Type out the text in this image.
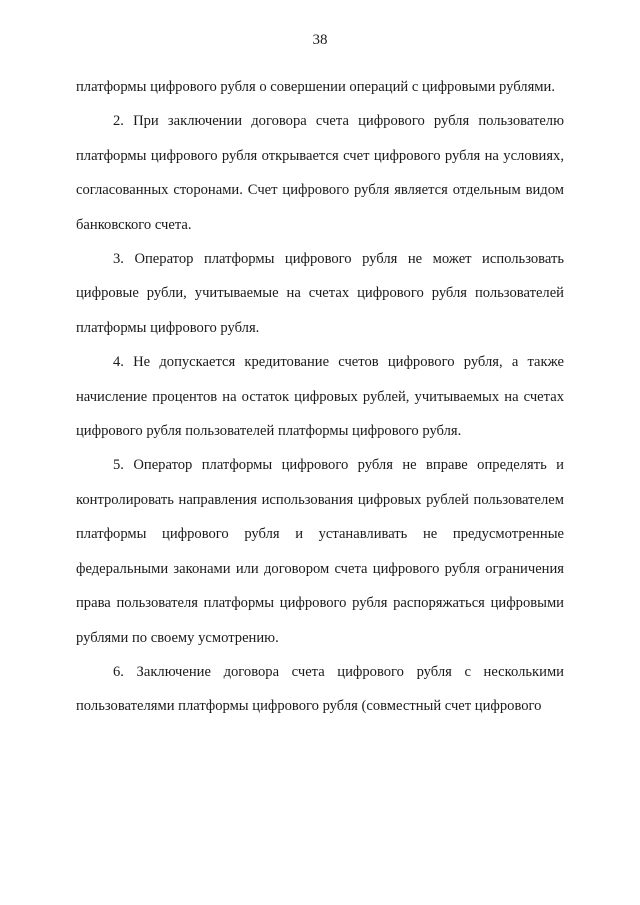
38

платформы цифрового рубля о совершении операций с цифровыми рублями.

2. При заключении договора счета цифрового рубля пользователю платформы цифрового рубля открывается счет цифрового рубля на условиях, согласованных сторонами. Счет цифрового рубля является отдельным видом банковского счета.

3. Оператор платформы цифрового рубля не может использовать цифровые рубли, учитываемые на счетах цифрового рубля пользователей платформы цифрового рубля.

4. Не допускается кредитование счетов цифрового рубля, а также начисление процентов на остаток цифровых рублей, учитываемых на счетах цифрового рубля пользователей платформы цифрового рубля.

5. Оператор платформы цифрового рубля не вправе определять и контролировать направления использования цифровых рублей пользователем платформы цифрового рубля и устанавливать не предусмотренные федеральными законами или договором счета цифрового рубля ограничения права пользователя платформы цифрового рубля распоряжаться цифровыми рублями по своему усмотрению.

6. Заключение договора счета цифрового рубля с несколькими пользователями платформы цифрового рубля (совместный счет цифрового
